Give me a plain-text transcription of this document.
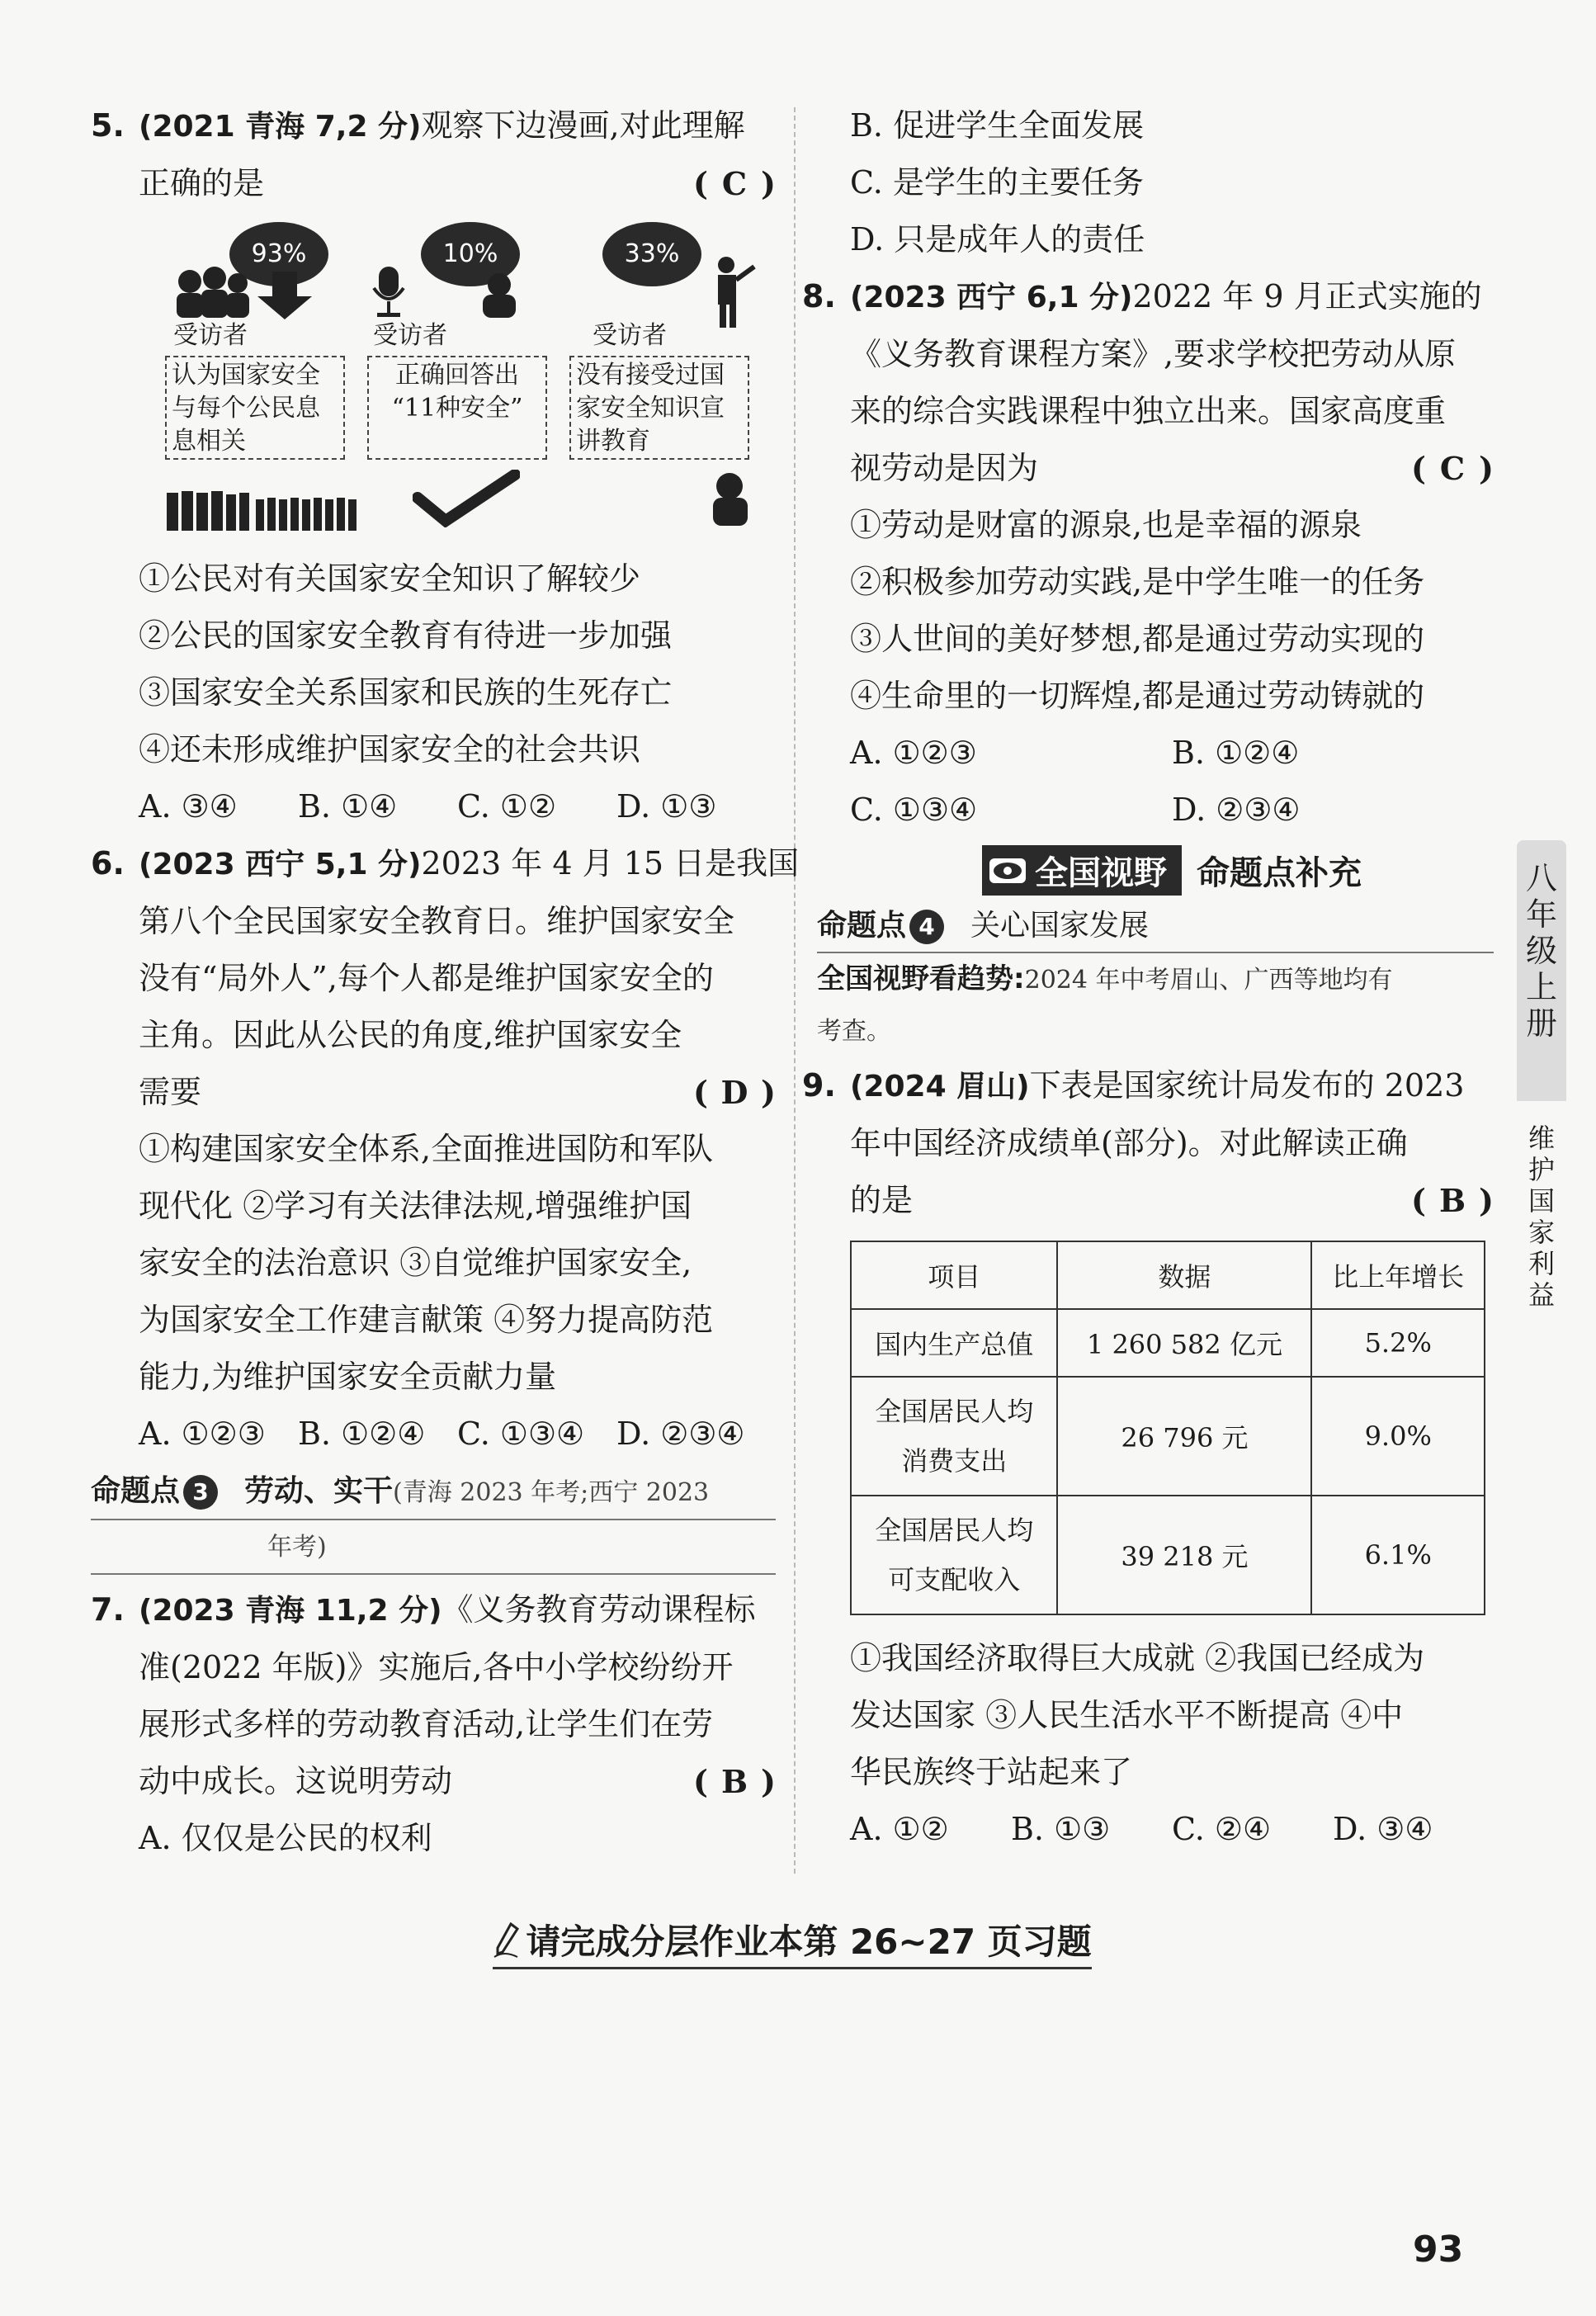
5. (2021 青海 7,2 分)观察下边漫画,对此理解
正确的是	( C )
93%
受访者
认为国家安全
与每个公民息
息相关
10%
受访者
正确回答出
“11种安全”
33%
受访者
没有接受过国
家安全知识宣
讲教育
①公民对有关国家安全知识了解较少
②公民的国家安全教育有待进一步加强
③国家安全关系国家和民族的生死存亡
④还未形成维护国家安全的社会共识
A. ③④	B. ①④	C. ①②	D. ①③
6. (2023 西宁 5,1 分)2023 年 4 月 15 日是我国
第八个全民国家安全教育日。维护国家安全
没有“局外人”,每个人都是维护国家安全的
主角。因此从公民的角度,维护国家安全
需要	( D )
①构建国家安全体系,全面推进国防和军队
现代化 ②学习有关法律法规,增强维护国
家安全的法治意识 ③自觉维护国家安全,
为国家安全工作建言献策 ④努力提高防范
能力,为维护国家安全贡献力量
A. ①②③	B. ①②④	C. ①③④	D. ②③④
命题点 3 劳动、实干(青海 2023 年考;西宁 2023
年考)
7. (2023 青海 11,2 分)《义务教育劳动课程标
准(2022 年版)》实施后,各中小学校纷纷开
展形式多样的劳动教育活动,让学生们在劳
动中成长。这说明劳动	( B )
A. 仅仅是公民的权利
B. 促进学生全面发展
C. 是学生的主要任务
D. 只是成年人的责任
8. (2023 西宁 6,1 分)2022 年 9 月正式实施的
《义务教育课程方案》,要求学校把劳动从原
来的综合实践课程中独立出来。国家高度重
视劳动是因为	( C )
①劳动是财富的源泉,也是幸福的源泉
②积极参加劳动实践,是中学生唯一的任务
③人世间的美好梦想,都是通过劳动实现的
④生命里的一切辉煌,都是通过劳动铸就的
A. ①②③	B. ①②④
C. ①③④	D. ②③④
全国视野 命题点补充
命题点 4 关心国家发展
全国视野看趋势:2024 年中考眉山、广西等地均有
考查。
9. (2024 眉山)下表是国家统计局发布的 2023
年中国经济成绩单(部分)。对此解读正确
的是	( B )
项目	数据	比上年增长
国内生产总值	1 260 582 亿元	5.2%

全国居民人均
消费支出	26 796 元	9.0%

全国居民人均
可支配收入	39 218 元	6.1%
①我国经济取得巨大成就 ②我国已经成为
发达国家 ③人民生活水平不断提高 ④中
华民族终于站起来了
A. ①②	B. ①③	C. ②④	D. ③④
八
年
级
上
册
维
护
国
家
利
益
请完成分层作业本第 26~27 页习题
93
